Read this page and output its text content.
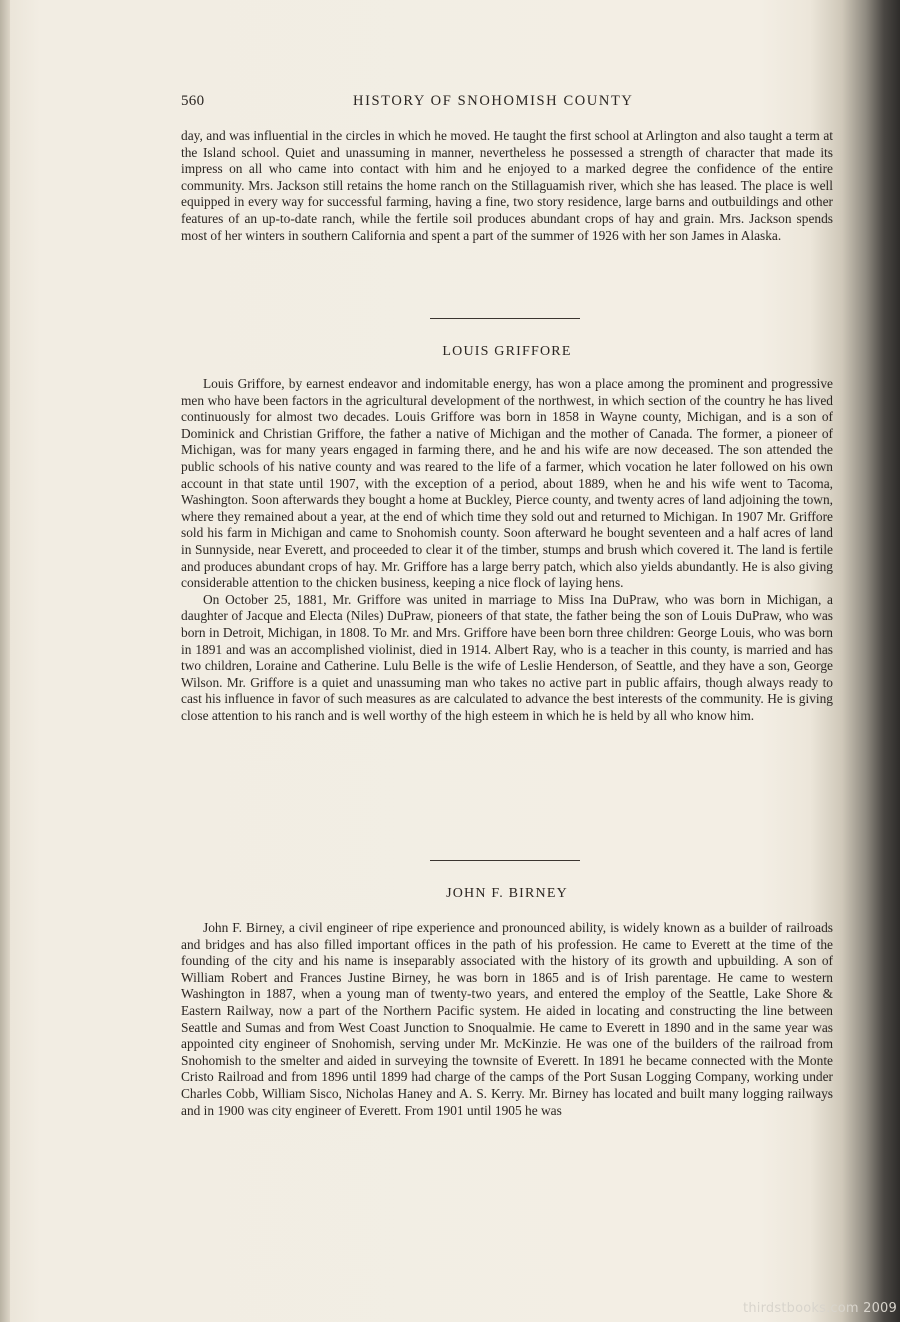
560	HISTORY OF SNOHOMISH COUNTY

day, and was influential in the circles in which he moved. He taught the first school at Arlington and also taught a term at the Island school. Quiet and unassuming in manner, nevertheless he possessed a strength of character that made its impress on all who came into contact with him and he enjoyed to a marked degree the confidence of the entire community. Mrs. Jackson still retains the home ranch on the Stillaguamish river, which she has leased. The place is well equipped in every way for successful farming, having a fine, two story residence, large barns and outbuildings and other features of an up-to-date ranch, while the fertile soil produces abundant crops of hay and grain. Mrs. Jackson spends most of her winters in southern California and spent a part of the summer of 1926 with her son James in Alaska.

LOUIS GRIFFORE

Louis Griffore, by earnest endeavor and indomitable energy, has won a place among the prominent and progressive men who have been factors in the agricultural development of the northwest, in which section of the country he has lived continuously for almost two decades. Louis Griffore was born in 1858 in Wayne county, Michigan, and is a son of Dominick and Christian Griffore, the father a native of Michigan and the mother of Canada. The former, a pioneer of Michigan, was for many years engaged in farming there, and he and his wife are now deceased. The son attended the public schools of his native county and was reared to the life of a farmer, which vocation he later followed on his own account in that state until 1907, with the exception of a period, about 1889, when he and his wife went to Tacoma, Washington. Soon afterwards they bought a home at Buckley, Pierce county, and twenty acres of land adjoining the town, where they remained about a year, at the end of which time they sold out and returned to Michigan. In 1907 Mr. Griffore sold his farm in Michigan and came to Snohomish county. Soon afterward he bought seventeen and a half acres of land in Sunnyside, near Everett, and proceeded to clear it of the timber, stumps and brush which covered it. The land is fertile and produces abundant crops of hay. Mr. Griffore has a large berry patch, which also yields abundantly. He is also giving considerable attention to the chicken business, keeping a nice flock of laying hens.

On October 25, 1881, Mr. Griffore was united in marriage to Miss Ina DuPraw, who was born in Michigan, a daughter of Jacque and Electa (Niles) DuPraw, pioneers of that state, the father being the son of Louis DuPraw, who was born in Detroit, Michigan, in 1808. To Mr. and Mrs. Griffore have been born three children: George Louis, who was born in 1891 and was an accomplished violinist, died in 1914. Albert Ray, who is a teacher in this county, is married and has two children, Loraine and Catherine. Lulu Belle is the wife of Leslie Henderson, of Seattle, and they have a son, George Wilson. Mr. Griffore is a quiet and unassuming man who takes no active part in public affairs, though always ready to cast his influence in favor of such measures as are calculated to advance the best interests of the community. He is giving close attention to his ranch and is well worthy of the high esteem in which he is held by all who know him.

JOHN F. BIRNEY

John F. Birney, a civil engineer of ripe experience and pronounced ability, is widely known as a builder of railroads and bridges and has also filled important offices in the path of his profession. He came to Everett at the time of the founding of the city and his name is inseparably associated with the history of its growth and upbuilding. A son of William Robert and Frances Justine Birney, he was born in 1865 and is of Irish parentage. He came to western Washington in 1887, when a young man of twenty-two years, and entered the employ of the Seattle, Lake Shore & Eastern Railway, now a part of the Northern Pacific system. He aided in locating and constructing the line between Seattle and Sumas and from West Coast Junction to Snoqualmie. He came to Everett in 1890 and in the same year was appointed city engineer of Snohomish, serving under Mr. McKinzie. He was one of the builders of the railroad from Snohomish to the smelter and aided in surveying the townsite of Everett. In 1891 he became connected with the Monte Cristo Railroad and from 1896 until 1899 had charge of the camps of the Port Susan Logging Company, working under Charles Cobb, William Sisco, Nicholas Haney and A. S. Kerry. Mr. Birney has located and built many logging railways and in 1900 was city engineer of Everett. From 1901 until 1905 he was

thirdstbooks.com 2009
